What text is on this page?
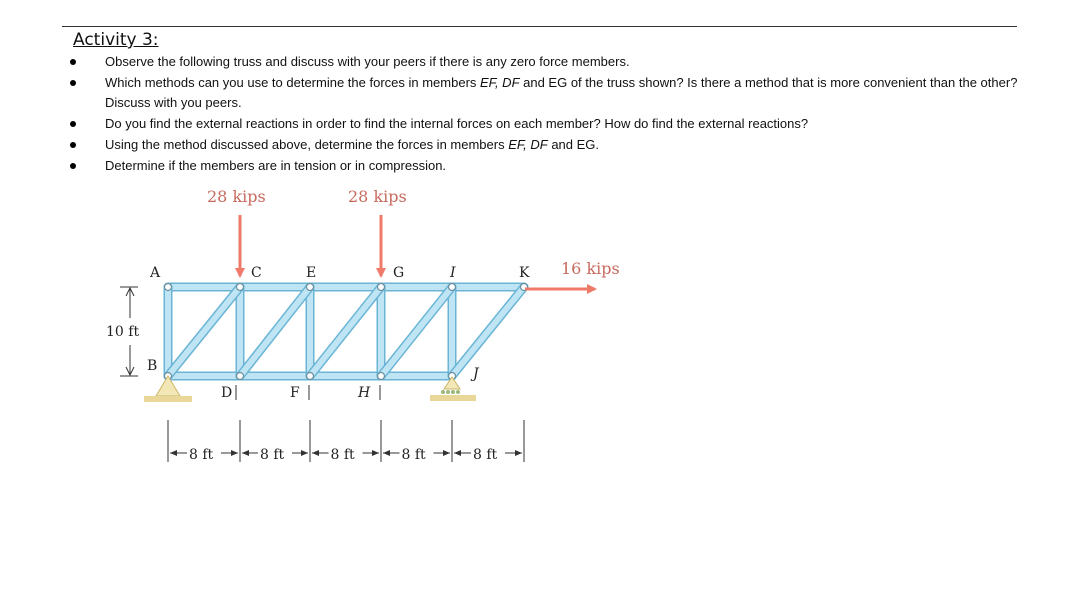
Activity 3:
Observe the following truss and discuss with your peers if there is any zero force members.
Which methods can you use to determine the forces in members EF, DF and EG of the truss shown? Is there a method that is more convenient than the other? Discuss with you peers.
Do you find the external reactions in order to find the internal forces on each member? How do find the external reactions?
Using the method discussed above, determine the forces in members EF, DF and EG.
Determine if the members are in tension or in compression.
28 kips	28 kips
16 kips
A	C	E	G	I	K
B
D	F	H
J
10 ft
8 ft	8 ft	8 ft	8 ft	8 ft
